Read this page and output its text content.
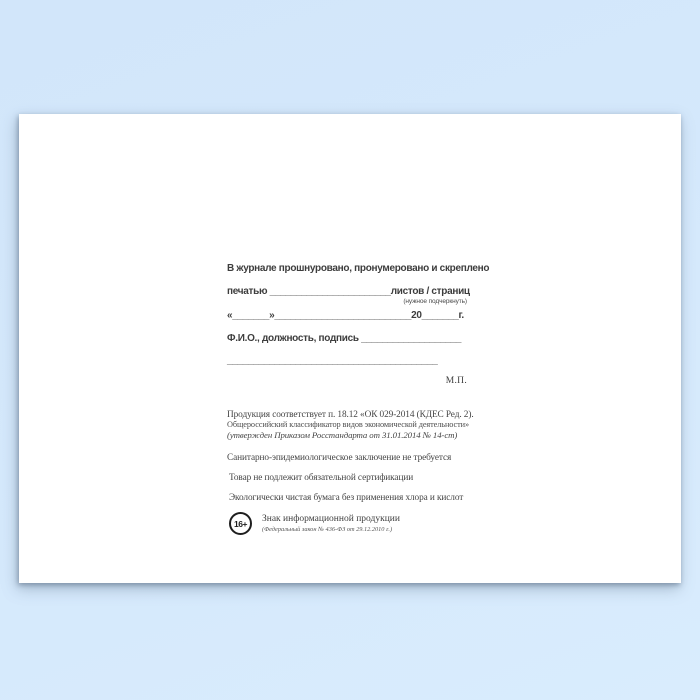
В журнале прошнуровано, пронумеровано и скреплено
печатью _______________________листов / страниц
(нужное подчеркнуть)
«_______»__________________________20_______г.
Ф.И.О., должность, подпись ___________________
________________________________________
М.П.
Продукция соответствует п. 18.12 «ОК 029-2014 (КДЕС Ред. 2).
Общероссийский классификатор видов экономической деятельности»
(утвержден Приказом Росстандарта от 31.01.2014 № 14-ст)
Санитарно-эпидемиологическое заключение не требуется
Товар не подлежит обязательной сертификации
Экологически чистая бумага без применения хлора и кислот
16+	Знак информационной продукции
(Федеральный закон № 436-ФЗ от 29.12.2010 г.)
